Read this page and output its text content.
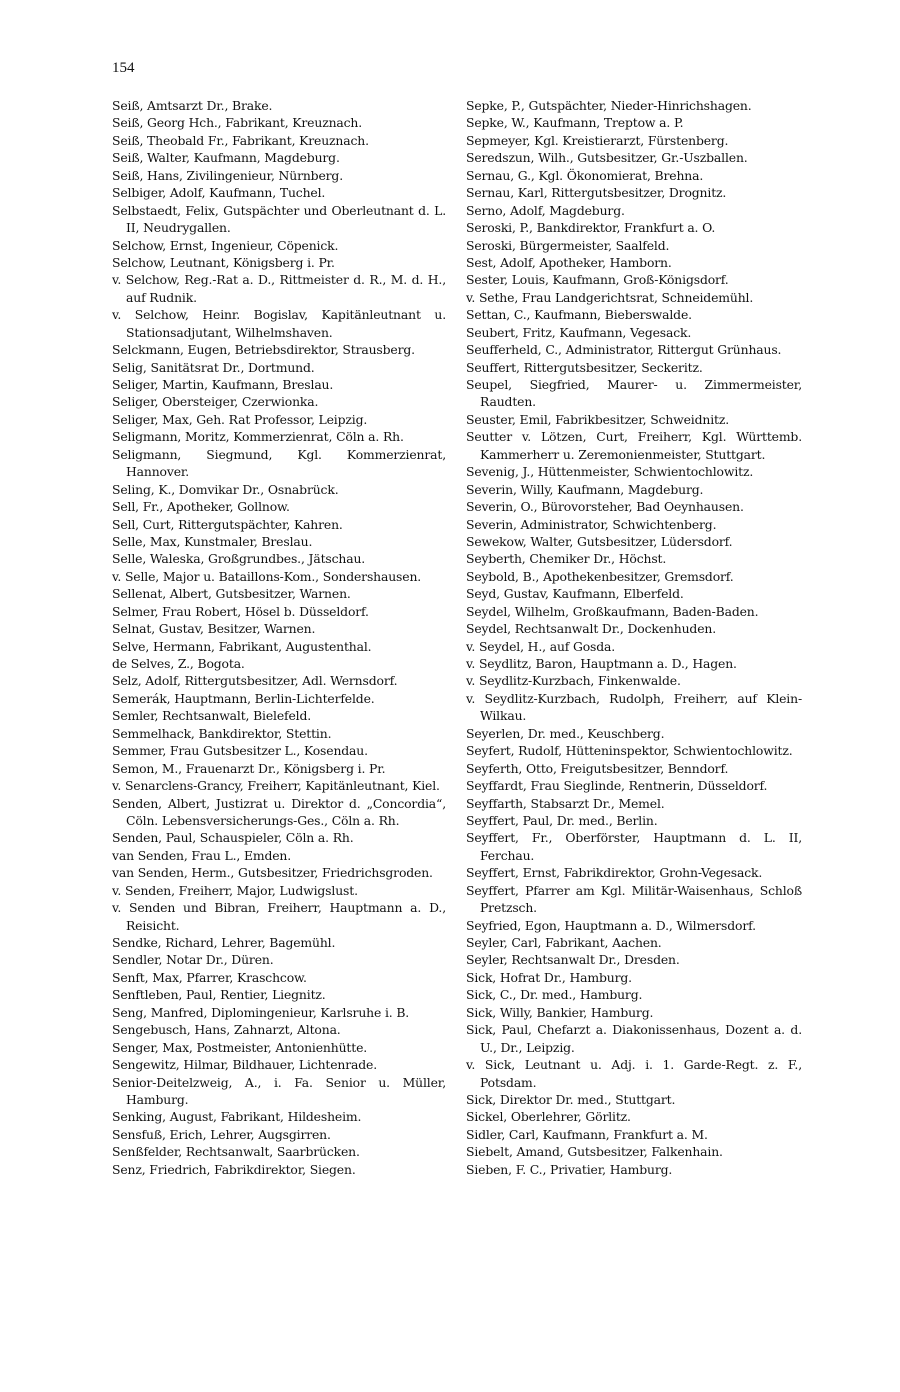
154
Seiß, Amtsarzt Dr., Brake.
Seiß, Georg Hch., Fabrikant, Kreuznach.
Seiß, Theobald Fr., Fabrikant, Kreuznach.
Seiß, Walter, Kaufmann, Magdeburg.
Seiß, Hans, Zivilingenieur, Nürnberg.
Selbiger, Adolf, Kaufmann, Tuchel.
Selbstaedt, Felix, Gutspächter und Oberleutnant d. L. II, Neudrygallen.
Selchow, Ernst, Ingenieur, Cöpenick.
Selchow, Leutnant, Königsberg i. Pr.
v. Selchow, Reg.-Rat a. D., Rittmeister d. R., M. d. H., auf Rudnik.
v. Selchow, Heinr. Bogislav, Kapitänleutnant u. Stationsadjutant, Wilhelmshaven.
Selckmann, Eugen, Betriebsdirektor, Strausberg.
Selig, Sanitätsrat Dr., Dortmund.
Seliger, Martin, Kaufmann, Breslau.
Seliger, Obersteiger, Czerwionka.
Seliger, Max, Geh. Rat Professor, Leipzig.
Seligmann, Moritz, Kommerzienrat, Cöln a. Rh.
Seligmann, Siegmund, Kgl. Kommerzienrat, Hannover.
Seling, K., Domvikar Dr., Osnabrück.
Sell, Fr., Apotheker, Gollnow.
Sell, Curt, Rittergutspächter, Kahren.
Selle, Max, Kunstmaler, Breslau.
Selle, Waleska, Großgrundbes., Jätschau.
v. Selle, Major u. Bataillons-Kom., Sondershausen.
Sellenat, Albert, Gutsbesitzer, Warnen.
Selmer, Frau Robert, Hösel b. Düsseldorf.
Selnat, Gustav, Besitzer, Warnen.
Selve, Hermann, Fabrikant, Augustenthal.
de Selves, Z., Bogota.
Selz, Adolf, Rittergutsbesitzer, Adl. Wernsdorf.
Semerák, Hauptmann, Berlin-Lichterfelde.
Semler, Rechtsanwalt, Bielefeld.
Semmelhack, Bankdirektor, Stettin.
Semmer, Frau Gutsbesitzer L., Kosendau.
Semon, M., Frauenarzt Dr., Königsberg i. Pr.
v. Senarclens-Grancy, Freiherr, Kapitänleutnant, Kiel.
Senden, Albert, Justizrat u. Direktor d. „Concordia“, Cöln. Lebensversicherungs-Ges., Cöln a. Rh.
Senden, Paul, Schauspieler, Cöln a. Rh.
van Senden, Frau L., Emden.
van Senden, Herm., Gutsbesitzer, Friedrichsgroden.
v. Senden, Freiherr, Major, Ludwigslust.
v. Senden und Bibran, Freiherr, Hauptmann a. D., Reisicht.
Sendke, Richard, Lehrer, Bagemühl.
Sendler, Notar Dr., Düren.
Senft, Max, Pfarrer, Kraschcow.
Senftleben, Paul, Rentier, Liegnitz.
Seng, Manfred, Diplomingenieur, Karlsruhe i. B.
Sengebusch, Hans, Zahnarzt, Altona.
Senger, Max, Postmeister, Antonienhütte.
Sengewitz, Hilmar, Bildhauer, Lichtenrade.
Senior-Deitelzweig, A., i. Fa. Senior u. Müller, Hamburg.
Senking, August, Fabrikant, Hildesheim.
Sensfuß, Erich, Lehrer, Augsgirren.
Senßfelder, Rechtsanwalt, Saarbrücken.
Senz, Friedrich, Fabrikdirektor, Siegen.
Sepke, P., Gutspächter, Nieder-Hinrichshagen.
Sepke, W., Kaufmann, Treptow a. P.
Sepmeyer, Kgl. Kreistierarzt, Fürstenberg.
Seredszun, Wilh., Gutsbesitzer, Gr.-Uszballen.
Sernau, G., Kgl. Ökonomierat, Brehna.
Sernau, Karl, Rittergutsbesitzer, Drognitz.
Serno, Adolf, Magdeburg.
Seroski, P., Bankdirektor, Frankfurt a. O.
Seroski, Bürgermeister, Saalfeld.
Sest, Adolf, Apotheker, Hamborn.
Sester, Louis, Kaufmann, Groß-Königsdorf.
v. Sethe, Frau Landgerichtsrat, Schneidemühl.
Settan, C., Kaufmann, Bieberswalde.
Seubert, Fritz, Kaufmann, Vegesack.
Seufferheld, C., Administrator, Rittergut Grünhaus.
Seuffert, Rittergutsbesitzer, Seckeritz.
Seupel, Siegfried, Maurer- u. Zimmermeister, Raudten.
Seuster, Emil, Fabrikbesitzer, Schweidnitz.
Seutter v. Lötzen, Curt, Freiherr, Kgl. Württemb. Kammerherr u. Zeremonienmeister, Stuttgart.
Sevenig, J., Hüttenmeister, Schwientochlowitz.
Severin, Willy, Kaufmann, Magdeburg.
Severin, O., Bürovorsteher, Bad Oeynhausen.
Severin, Administrator, Schwichtenberg.
Sewekow, Walter, Gutsbesitzer, Lüdersdorf.
Seyberth, Chemiker Dr., Höchst.
Seybold, B., Apothekenbesitzer, Gremsdorf.
Seyd, Gustav, Kaufmann, Elberfeld.
Seydel, Wilhelm, Großkaufmann, Baden-Baden.
Seydel, Rechtsanwalt Dr., Dockenhuden.
v. Seydel, H., auf Gosda.
v. Seydlitz, Baron, Hauptmann a. D., Hagen.
v. Seydlitz-Kurzbach, Finkenwalde.
v. Seydlitz-Kurzbach, Rudolph, Freiherr, auf Klein-Wilkau.
Seyerlen, Dr. med., Keuschberg.
Seyfert, Rudolf, Hütteninspektor, Schwientochlowitz.
Seyferth, Otto, Freigutsbesitzer, Benndorf.
Seyffardt, Frau Sieglinde, Rentnerin, Düsseldorf.
Seyffarth, Stabsarzt Dr., Memel.
Seyffert, Paul, Dr. med., Berlin.
Seyffert, Fr., Oberförster, Hauptmann d. L. II, Ferchau.
Seyffert, Ernst, Fabrikdirektor, Grohn-Vegesack.
Seyffert, Pfarrer am Kgl. Militär-Waisenhaus, Schloß Pretzsch.
Seyfried, Egon, Hauptmann a. D., Wilmersdorf.
Seyler, Carl, Fabrikant, Aachen.
Seyler, Rechtsanwalt Dr., Dresden.
Sick, Hofrat Dr., Hamburg.
Sick, C., Dr. med., Hamburg.
Sick, Willy, Bankier, Hamburg.
Sick, Paul, Chefarzt a. Diakonissenhaus, Dozent a. d. U., Dr., Leipzig.
v. Sick, Leutnant u. Adj. i. 1. Garde-Regt. z. F., Potsdam.
Sick, Direktor Dr. med., Stuttgart.
Sickel, Oberlehrer, Görlitz.
Sidler, Carl, Kaufmann, Frankfurt a. M.
Siebelt, Amand, Gutsbesitzer, Falkenhain.
Sieben, F. C., Privatier, Hamburg.
